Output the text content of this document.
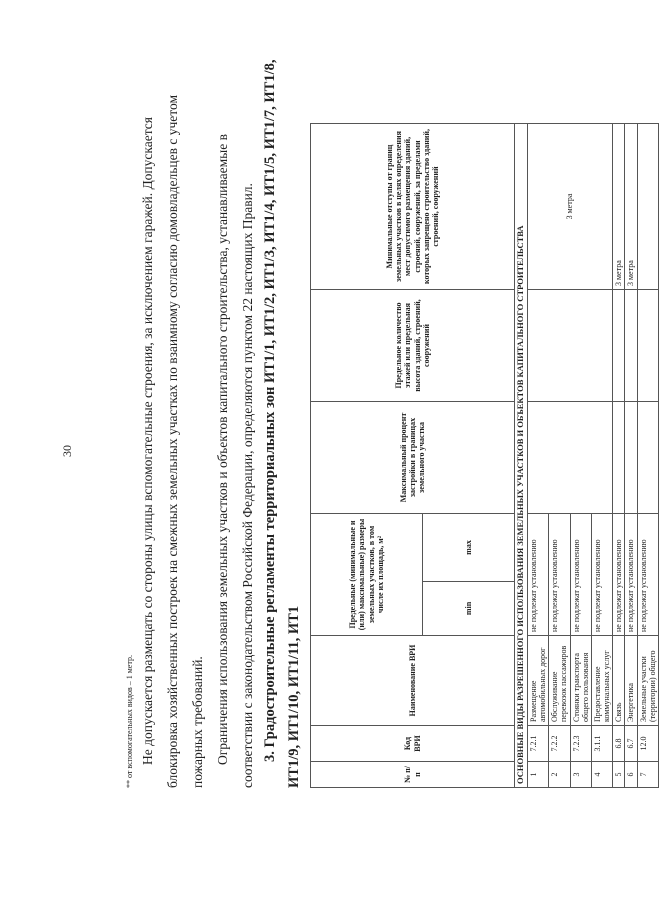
30
** от вспомогательных видов – 1 метр. Не допускается размещать со стороны улицы вспомогательные строения, за исключением гаражей. Допускается блокировка хозяйственных построек на смежных земельных участках по взаимному согласию домовладельцев с учетом пожарных требований. Ограничения использования земельных участков и объектов капитального строительства, устанавливаемые в соответствии с законодательством Российской Федерации, определяются пунктом 22 настоящих Правил. 3. Градостроительные регламенты территориальных зон ИТ1/1, ИТ1/2, ИТ1/3, ИТ1/4, ИТ1/5, ИТ1/7, ИТ1/8, ИТ1/9, ИТ1/10, ИТ1/11, ИТ1	№ п/п	Код ВРИ	Наименование ВРИ	Предельные (минимальные и (или) максимальные) размеры земельных участков, в том числе их площадь, м²		Максимальный процент застройки в границах земельного участка	Предельное количество этажей или предельная высота зданий, строений, сооружений	Минимальные отступы от границ земельных участков в целях определения мест допустимого размещения зданий, строений, сооружений, за пределами которых запрещено строительство зданий, строений, сооружений
			min	max			
ОСНОВНЫЕ ВИДЫ РАЗРЕШЕННОГО ИСПОЛЬЗОВАНИЯ ЗЕМЕЛЬНЫХ УЧАСТКОВ И ОБЪЕКТОВ КАПИТАЛЬНОГО СТРОИТЕЛЬСТВА							
1	7.2.1	Размещение автомобильных дорог	не подлежат установлению				3 метра
2	7.2.2	Обслуживание перевозок пассажиров	не подлежат установлению				
3	7.2.3	Стоянки транспорта общего пользования	не подлежат установлению				
4	3.1.1	Предоставление коммунальных услуг	не подлежат установлению				
5	6.8	Связь	не подлежат установлению				3 метра
6	6.7	Энергетика	не подлежат установлению				3 метра
7	12.0	Земельные участки (территории) общего	не подлежат установлению				
